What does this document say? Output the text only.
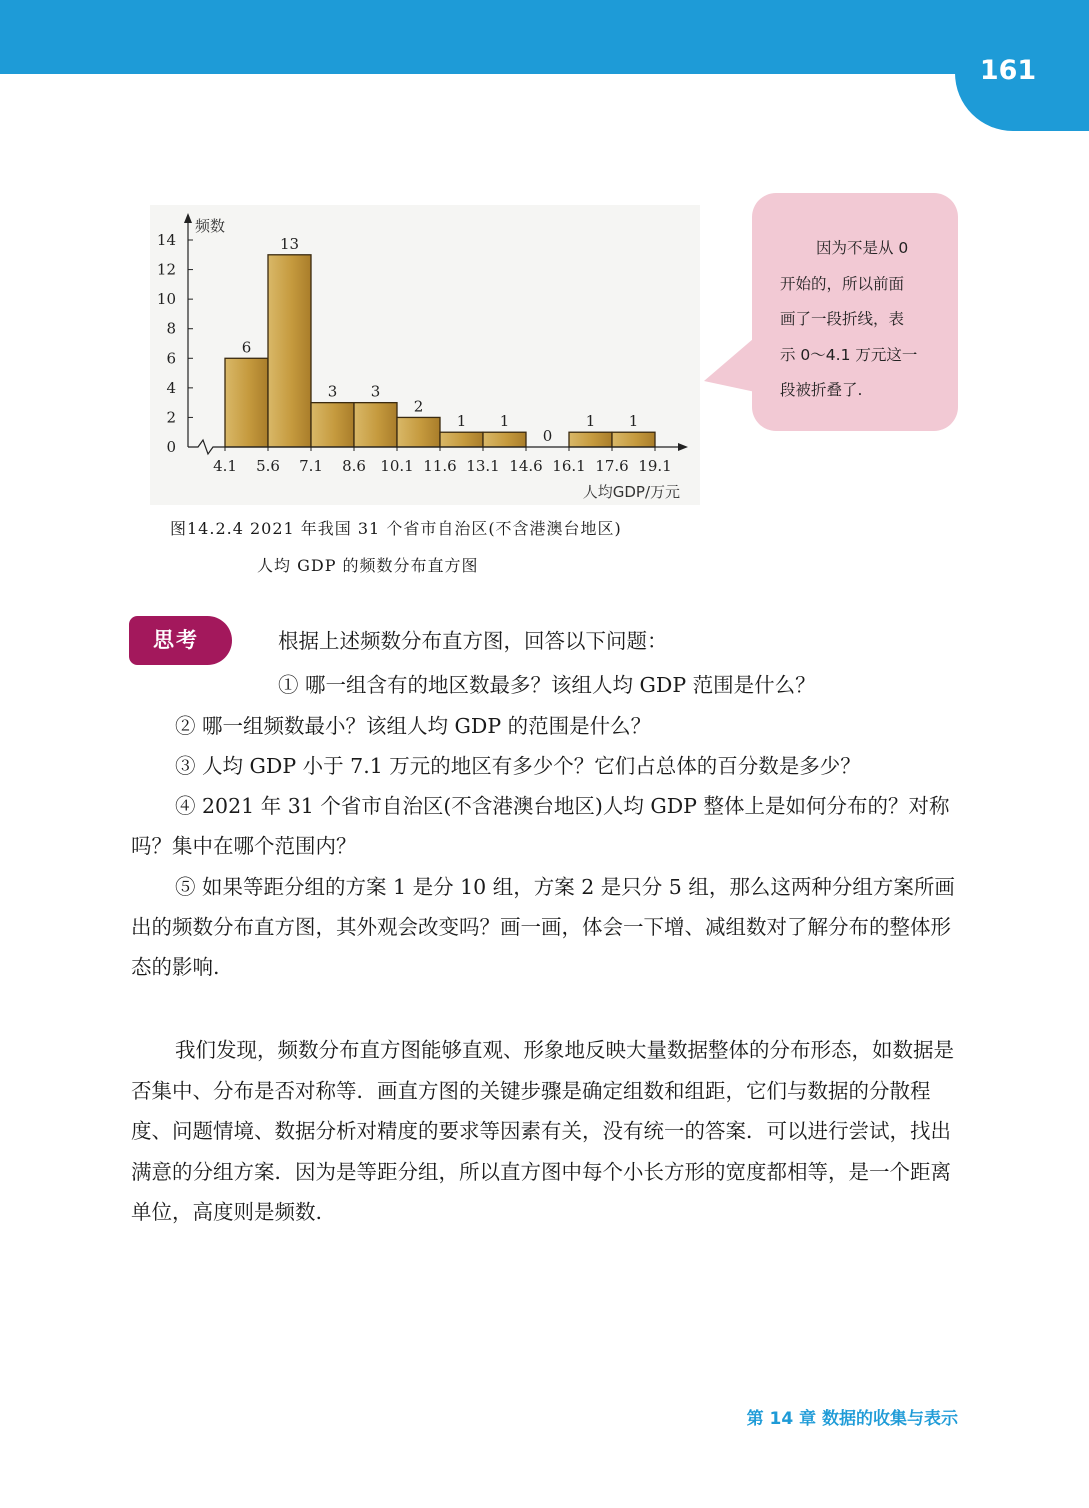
161
6
13
3 3
2
1 1
0
1 1
4.1 5.6 7.1 8.6 10.1 11.6 13.1 14.6 16.1 17.6 19.1
0
2
4
6
8
10
12
14
频数
人均GDP/万元
图14.2.4 2021 年我国 31 个省市自治区(不含港澳台地区)
人均 GDP 的频数分布直方图
因为不是从 0
开始的，所以前面
画了一段折线，表
示 0～4.1 万元这一
段被折叠了.
思考	根据上述频数分布直方图，回答以下问题：
① 哪一组含有的地区数最多？该组人均 GDP 范围是什么？
② 哪一组频数最小？该组人均 GDP 的范围是什么？
③ 人均 GDP 小于 7.1 万元的地区有多少个？它们占总体的百分数是多少？
④ 2021 年 31 个省市自治区(不含港澳台地区)人均 GDP 整体上是如何分布的？对称吗？集中在哪个范围内？
⑤ 如果等距分组的方案 1 是分 10 组，方案 2 是只分 5 组，那么这两种分组方案所画出的频数分布直方图，其外观会改变吗？画一画，体会一下增、减组数对了解分布的整体形态的影响.
我们发现，频数分布直方图能够直观、形象地反映大量数据整体的分布形态，如数据是否集中、分布是否对称等．画直方图的关键步骤是确定组数和组距，它们与数据的分散程度、问题情境、数据分析对精度的要求等因素有关，没有统一的答案．可以进行尝试，找出满意的分组方案．因为是等距分组，所以直方图中每个小长方形的宽度都相等，是一个距离单位，高度则是频数.
第 14 章 数据的收集与表示
